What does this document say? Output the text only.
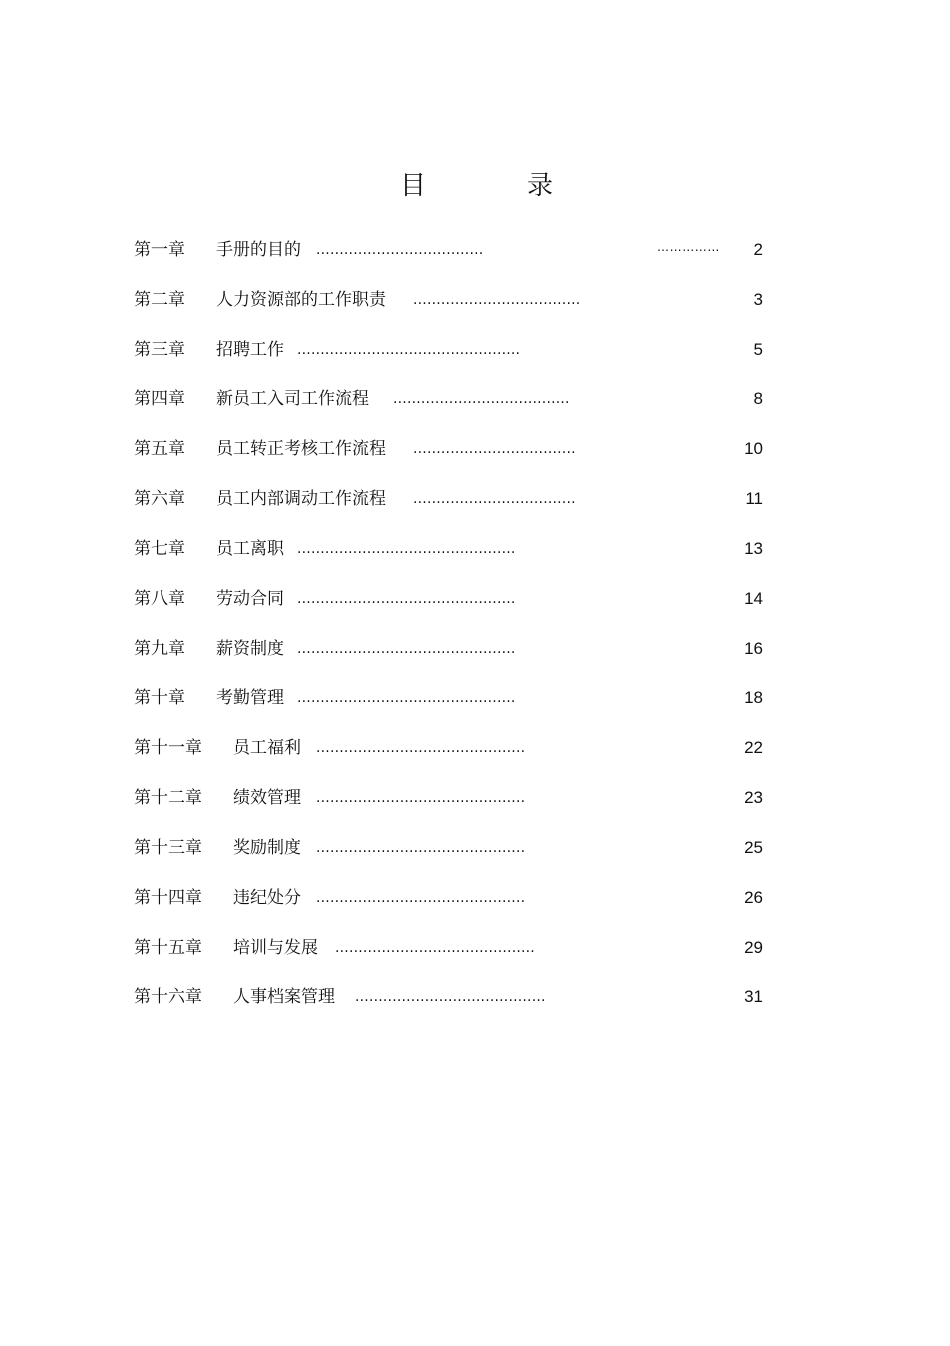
目	录
第一章 手册的目的 ....................................	……………	2
第二章 人力资源部的工作职责 ....................................	3
第三章 招聘工作 ................................................	5
第四章 新员工入司工作流程 ......................................	8
第五章 员工转正考核工作流程 ...................................	10
第六章 员工内部调动工作流程 ...................................	11
第七章 员工离职 ...............................................	13
第八章 劳动合同 ...............................................	14
第九章 薪资制度 ...............................................	16
第十章 考勤管理 ...............................................	18
第十一章 员工福利 .............................................	22
第十二章 绩效管理 .............................................	23
第十三章 奖励制度 .............................................	25
第十四章 违纪处分 .............................................	26
第十五章 培训与发展 ...........................................	29
第十六章 人事档案管理 .........................................	31
